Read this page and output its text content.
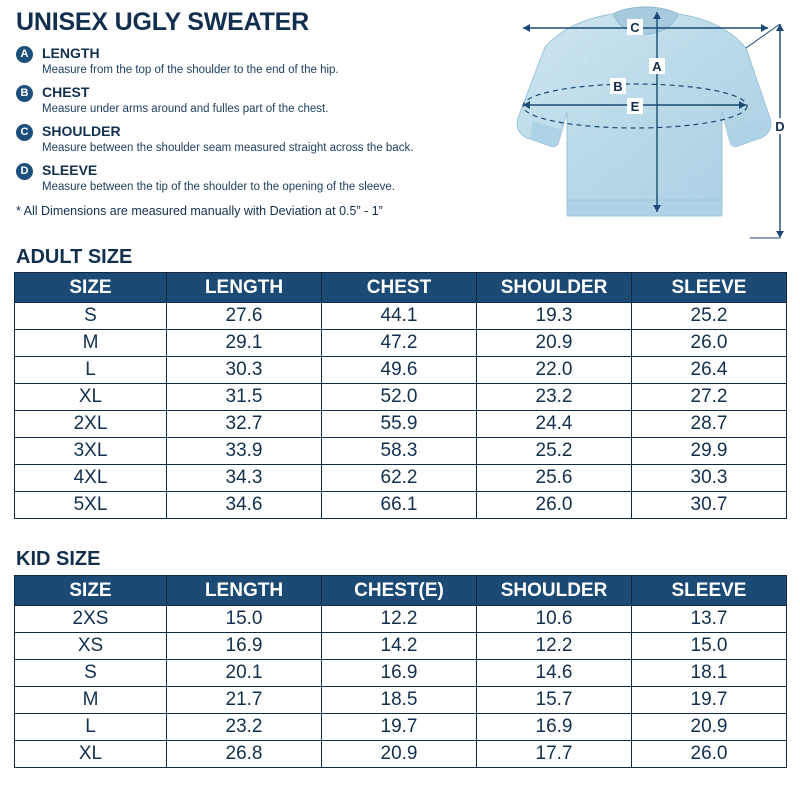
UNISEX UGLY SWEATER
A LENGTH
Measure from the top of the shoulder to the end of the hip.
B CHEST
Measure under arms around and fulles part of the chest.
C SHOULDER
Measure between the shoulder seam measured straight across the back.
D SLEEVE
Measure between the tip of the shoulder to the opening of the sleeve.
* All Dimensions are measured manually with Deviation at 0.5” - 1”
C
A
B
E
D
ADULT SIZE
SIZE	LENGTH	CHEST	SHOULDER	SLEEVE
S	27.6	44.1	19.3	25.2
M	29.1	47.2	20.9	26.0
L	30.3	49.6	22.0	26.4
XL	31.5	52.0	23.2	27.2
2XL	32.7	55.9	24.4	28.7
3XL	33.9	58.3	25.2	29.9
4XL	34.3	62.2	25.6	30.3
5XL	34.6	66.1	26.0	30.7
KID SIZE
SIZE	LENGTH	CHEST(E)	SHOULDER	SLEEVE
2XS	15.0	12.2	10.6	13.7
XS	16.9	14.2	12.2	15.0
S	20.1	16.9	14.6	18.1
M	21.7	18.5	15.7	19.7
L	23.2	19.7	16.9	20.9
XL	26.8	20.9	17.7	26.0
